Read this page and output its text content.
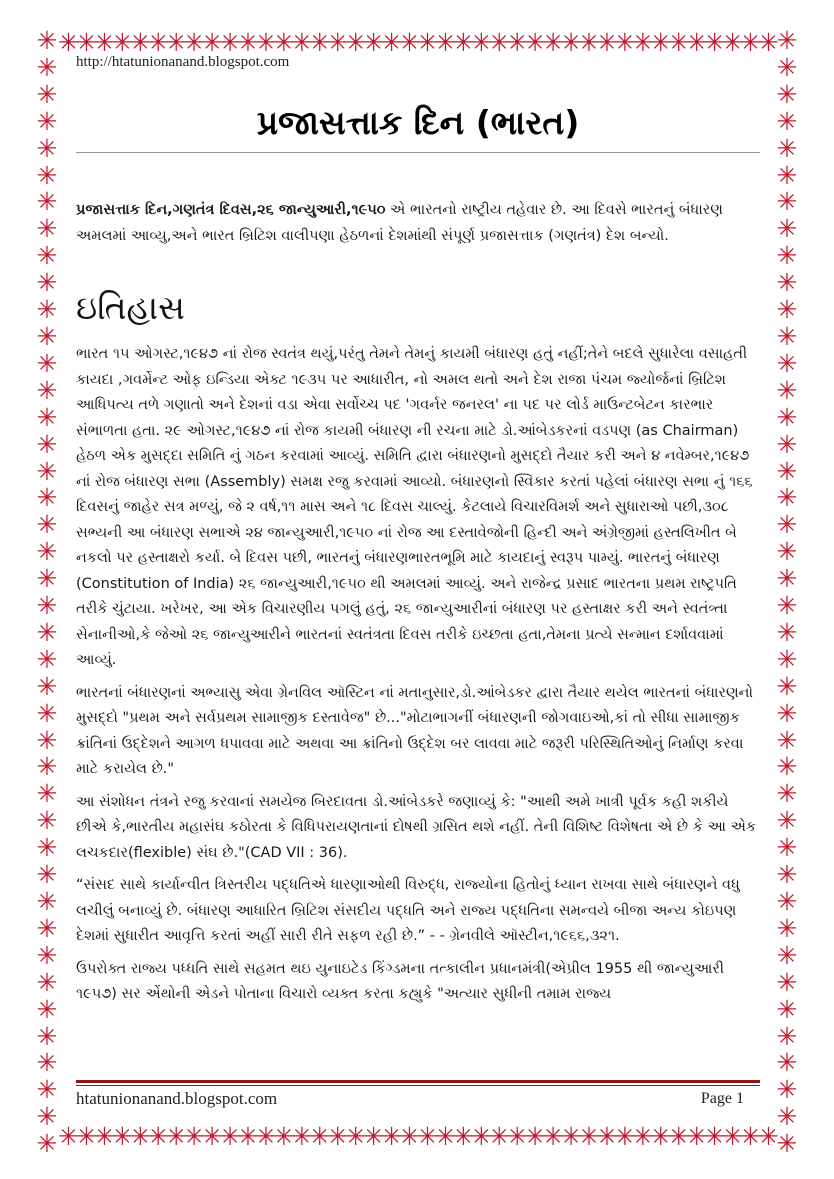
✳✳✳✳✳✳✳✳✳✳✳✳✳✳✳✳✳✳✳✳✳✳✳✳✳✳✳✳✳✳✳✳✳✳✳✳✳✳✳✳
✳✳✳✳✳✳✳✳✳✳✳✳✳✳✳✳✳✳✳✳✳✳✳✳✳✳✳✳✳✳✳✳✳✳✳✳✳✳✳✳
✳
✳
✳
✳
✳
✳
✳
✳
✳
✳
✳
✳
✳
✳
✳
✳
✳
✳
✳
✳
✳
✳
✳
✳
✳
✳
✳
✳
✳
✳
✳
✳
✳
✳
✳
✳
✳
✳
✳
✳
✳
✳
✳
✳
✳
✳
✳
✳
✳
✳
✳
✳
✳
✳
✳
✳
✳
✳
✳
✳
✳
✳
✳
✳
✳
✳
✳
✳
✳
✳
✳
✳
✳
✳
✳
✳
✳
✳
✳
✳
✳
✳
✳
✳
http://htatunionanand.blogspot.com
પ્રજાસત્તાક દિન (ભારત)

પ્રજાસત્તાક દિન,ગણતંત્ર દિવસ,૨૬ જાન્યુઆરી,૧૯૫૦ એ ભારતનો રાષ્ટ્રીય તહેવાર છે. આ દિવસે ભારતનું બંધારણ અમલમાં આવ્યુ,અને ભારત બ્રિટિશ વાલીપણા હેઠળનાં દેશમાંથી સંપૂર્ણ પ્રજાસત્તાક (ગણતંત્ર) દેશ બન્યો.

ઇતિહાસ

ભારત ૧૫ ઓગસ્ટ,૧૯૪૭ નાં રોજ સ્વતંત્ર થયું,પરંતુ તેમને તેમનું કાયમી બંધારણ હતું નહીં;તેને બદલે સુધારેલા વસાહતી કાયદા ,ગવર્મેન્ટ ઓફ ઇન્ડિયા એક્ટ ૧૯૩૫ પર આધારીત, નો અમલ થતો અને દેશ રાજા પંચમ જ્યોર્જનાં બ્રિટિશ આધિપત્ય તળે ગણાતો અને દેશનાં વડા એવા સર્વોચ્ચ પદ 'ગવર્નર જનરલ' ના પદ પર લોર્ડ માઉન્ટબેટન કારભાર સંભાળતા હતા. ૨૯ ઓગસ્ટ,૧૯૪૭ નાં રોજ કાયમી બંધારણ ની રચના માટે ડો.આંબેડકરનાં વડપણ (as Chairman) હેઠળ એક મુસદ્દા સમિતિ નું ગઠન કરવામાં આવ્યું. સમિતિ દ્વારા બંધારણનો મુસદ્દો તૈયાર કરી અને ૪ નવેમ્બર,૧૯૪૭ નાં રોજ બંધારણ સભા (Assembly) સમક્ષ રજુ કરવામાં આવ્યો. બંધારણનો સ્વિકાર કરતાં પહેલાં બંધારણ સભા નું ૧૬૬ દિવસનું જાહેર સત્ર મળ્યું, જે ૨ વર્ષ,૧૧ માસ અને ૧૮ દિવસ ચાલ્યું. કેટલાયે વિચારવિમર્શ અને સુધારાઓ પછી,૩૦૮ સભ્યની આ બંધારણ સભાએ ૨૪ જાન્યુઆરી,૧૯૫૦ નાં રોજ આ દસ્તાવેજોની હિન્દી અને અંગ્રેજીમાં હસ્તલિખીત બે નકલો પર હસ્તાક્ષરો કર્યા. બે દિવસ પછી, ભારતનું બંધારણભારતભૂમિ માટે કાયદાનું સ્વરૂપ પામ્યું. ભારતનું બંધારણ (Constitution of India) ૨૬ જાન્યુઆરી,૧૯૫૦ થી અમલમાં આવ્યું. અને રાજેન્દ્ર પ્રસાદ ભારતના પ્રથમ રાષ્ટ્રપતિ તરીકે ચુંટાયા. ખરેખર, આ એક વિચારણીય પગલું હતું, ૨૬ જાન્યુઆરીનાં બંધારણ પર હસ્તાક્ષર કરી અને સ્વતંત્ર્તા સેનાનીઓ,કે જેઓ ૨૬ જાન્યુઆરીને ભારતનાં સ્વતંત્રતા દિવસ તરીકે ઇચ્છતા હતા,તેમના પ્રત્યે સન્માન દર્શાવવામાં આવ્યું.

ભારતનાં બંધારણનાં અભ્યાસુ એવા ગ્રેનવિલ ઑસ્ટિન નાં મતાનુસાર,ડો.આંબેડકર દ્વારા તૈયાર થયેલ ભારતનાં બંધારણનો મુસદ્દો "પ્રથમ અને સર્વપ્રથમ સામાજીક દસ્તાવેજ" છે..."મોટાભાગનીં બંધારણની જોગવાઇઓ,કાં તો સીધા સામાજીક ક્રાંતિનાં ઉદ્દેશને આગળ ધપાવવા માટે અથવા આ ક્રાંતિનો ઉદ્દેશ બર લાવવા માટે જરૂરી પરિસ્થિતિઓનું નિર્માણ કરવા માટે કરાયેલ છે."

આ સંશોધન તંત્રને રજુ કરવાનાં સમયેજ બિરદાવતા ડો.આંબેડકરે જણાવ્યું કે: "આથી અમે ખાત્રી પૂર્વક કહી શકીયે છીએ કે,ભારતીય મહાસંઘ કઠોરતા કે વિધિપરાયણતાનાં દોષથી ગ્રસિત થશે નહીં. તેની વિશિષ્ટ વિશેષતા એ છે કે આ એક લચકદાર(flexible) સંઘ છે."(CAD VII : 36).

“સંસદ સાથે કાર્યાન્વીત ત્રિસ્તરીય પદ્ધતિએ ધારણાઓથી વિરુદ્ધ, રાજ્યોના હિતોનું ધ્યાન રાખવા સાથે બંધારણને વધુ લચીલું બનાવ્યું છે. બંધારણ આધારિત બ્રિટિશ સંસદીય પદ્ધતિ અને રાજ્ય પદ્ધતિના સમન્વયે બીજા અન્ય કોઇપણ દેશમાં સુધારીત આવૃત્તિ કરતાં અહીં સારી રીતે સફળ રહી છે.” - - ગ્રેનવીલે ઑસ્ટીન,૧૯૬૬,૩૨૧.

ઉપરોક્ત રાજ્ય પધ્ધતિ સાથે સહમત થઇ યુનાઇટેડ કિંગ્ડમના તત્કાલીન પ્રધાનમંત્રી(એપ્રીલ 1955 થી જાન્યુઆરી ૧૯૫૭) સર એંથોની એડને પોતાના વિચારો વ્યક્ત કરતા કહ્યુકે "અત્યાર સુધીની તમામ રાજ્ય

htatunionanand.blogspot.com	Page 1
